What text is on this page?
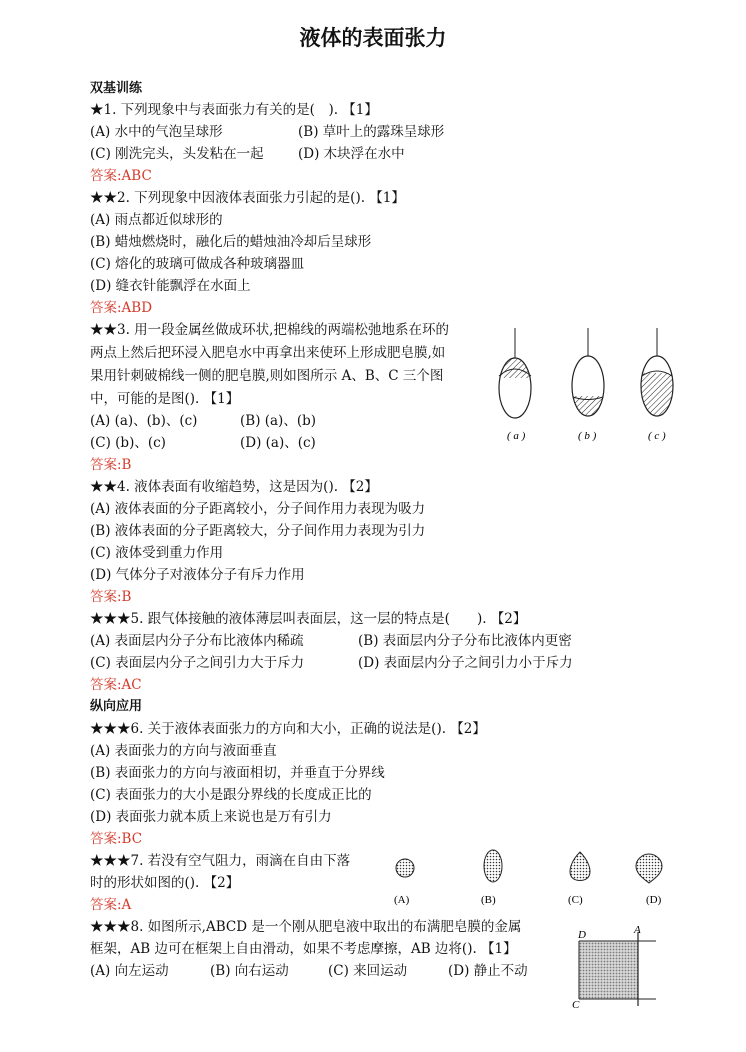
液体的表面张力
双基训练
★1. 下列现象中与表面张力有关的是(　). 【1】
(A) 水中的气泡呈球形	(B) 草叶上的露珠呈球形
(C) 刚洗完头，头发粘在一起	(D) 木块浮在水中
答案:ABC
★★2. 下列现象中因液体表面张力引起的是(). 【1】
(A) 雨点都近似球形的
(B) 蜡烛燃烧时，融化后的蜡烛油冷却后呈球形
(C) 熔化的玻璃可做成各种玻璃器皿
(D) 缝衣针能飘浮在水面上
答案:ABD
★★3. 用一段金属丝做成环状,把棉线的两端松弛地系在环的
两点上然后把环浸入肥皂水中再拿出来使环上形成肥皂膜,如
果用针刺破棉线一侧的肥皂膜,则如图所示 A、B、C 三个图
中，可能的是图(). 【1】
(A) (a)、(b)、(c)	(B) (a)、(b)
(C) (b)、(c)	(D) (a)、(c)
答案:B
( a )	( b )	( c )
★★4. 液体表面有收缩趋势，这是因为(). 【2】
(A) 液体表面的分子距离较小，分子间作用力表现为吸力
(B) 液体表面的分子距离较大，分子间作用力表现为引力
(C) 液体受到重力作用
(D) 气体分子对液体分子有斥力作用
答案:B
★★★5. 跟气体接触的液体薄层叫表面层，这一层的特点是(　　). 【2】
(A) 表面层内分子分布比液体内稀疏	(B) 表面层内分子分布比液体内更密
(C) 表面层内分子之间引力大于斥力	(D) 表面层内分子之间引力小于斥力
答案:AC
纵向应用
★★★6. 关于液体表面张力的方向和大小，正确的说法是(). 【2】
(A) 表面张力的方向与液面垂直
(B) 表面张力的方向与液面相切，并垂直于分界线
(C) 表面张力的大小是跟分界线的长度成正比的
(D) 表面张力就本质上来说也是万有引力
答案:BC
★★★7. 若没有空气阻力，雨滴在自由下落
时的形状如图的(). 【2】
答案:A	(A)	(B)	(C)	(D)
★★★8. 如图所示,ABCD 是一个刚从肥皂液中取出的布满肥皂膜的金属
框架，AB 边可在框架上自由滑动，如果不考虑摩擦，AB 边将(). 【1】
(A) 向左运动	(B) 向右运动	(C) 来回运动	(D) 静止不动
D	A
C
